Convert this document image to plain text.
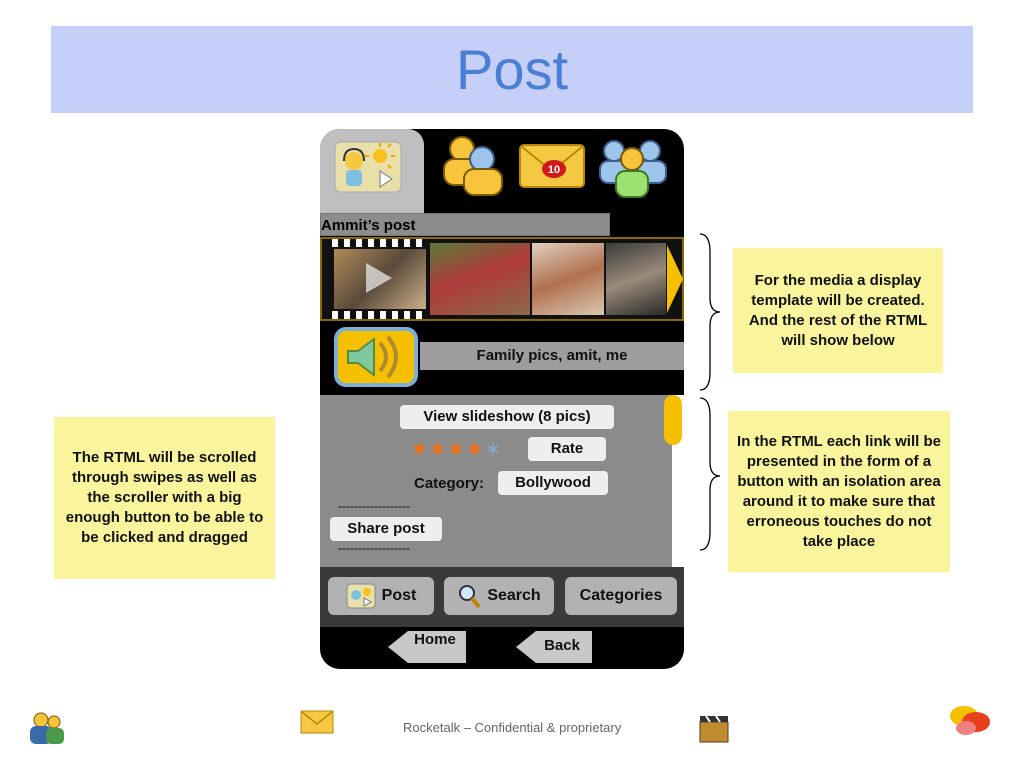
Post
The RTML will be scrolled through swipes as well as the scroller with a big enough button to be able to be clicked and dragged
For the media a display template will be created. And the rest of the RTML will show below
In the RTML each link will be presented in the form of a button with an isolation area around it to make sure that erroneous touches do not take place
10
Ammit’s post
Family pics, amit, me
View slideshow (8 pics)
✶✶✶✶✶	Rate
Category:	Bollywood
------------------
Share post
------------------
Post	Search Categories
Home	Back
Rocketalk – Confidential & proprietary
